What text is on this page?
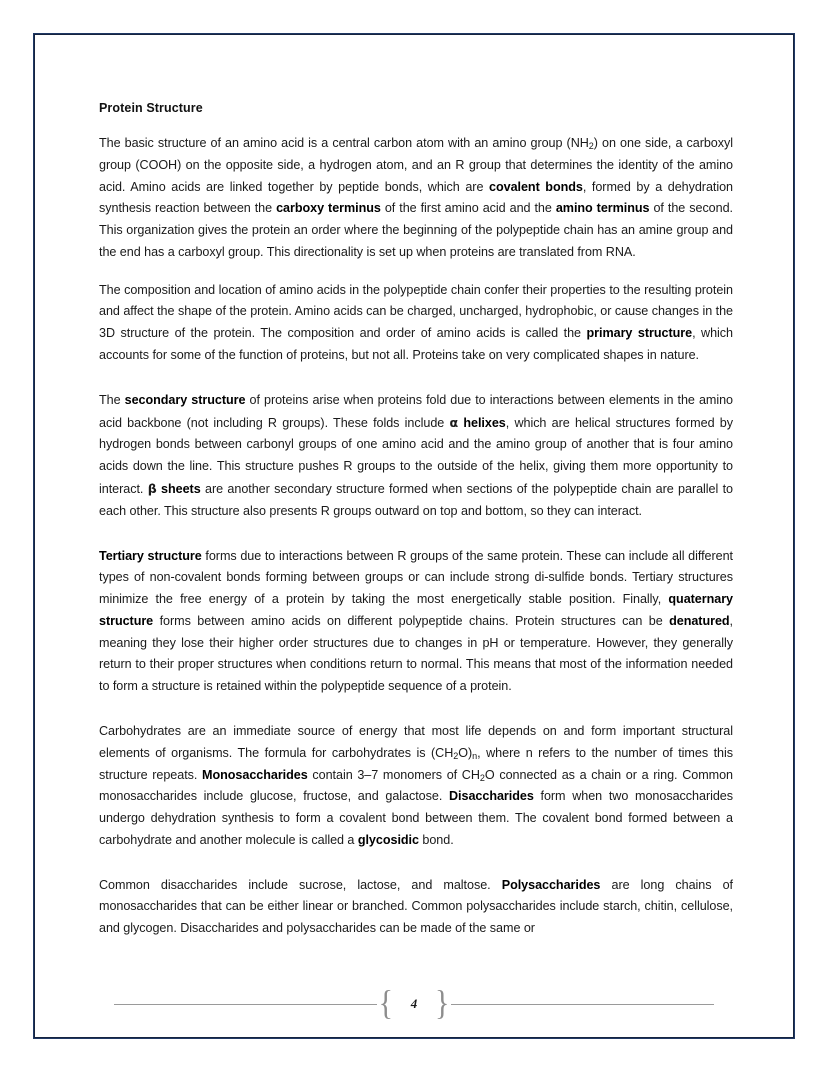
Protein Structure

The basic structure of an amino acid is a central carbon atom with an amino group $(NH_2)$ on one side, a carboxyl group (COOH) on the opposite side, a hydrogen atom, and an R group that determines the identity of the amino acid. Amino acids are linked together by peptide bonds, which are covalent bonds, formed by a dehydration synthesis reaction between the carboxy terminus of the first amino acid and the amino terminus of the second. This organization gives the protein an order where the beginning of the polypeptide chain has an amine group and the end has a carboxyl group. This directionality is set up when proteins are translated from RNA.

The composition and location of amino acids in the polypeptide chain confer their properties to the resulting protein and affect the shape of the protein. Amino acids can be charged, uncharged, hydrophobic, or cause changes in the 3D structure of the protein. The composition and order of amino acids is called the primary structure, which accounts for some of the function of proteins, but not all. Proteins take on very complicated shapes in nature.

The secondary structure of proteins arise when proteins fold due to interactions between elements in the amino acid backbone (not including R groups). These folds include α helixes, which are helical structures formed by hydrogen bonds between carbonyl groups of one amino acid and the amino group of another that is four amino acids down the line. This structure pushes R groups to the outside of the helix, giving them more opportunity to interact. β sheets are another secondary structure formed when sections of the polypeptide chain are parallel to each other. This structure also presents R groups outward on top and bottom, so they can interact.

Tertiary structure forms due to interactions between R groups of the same protein. These can include all different types of non-covalent bonds forming between groups or can include strong di-sulfide bonds. Tertiary structures minimize the free energy of a protein by taking the most energetically stable position. Finally, quaternary structure forms between amino acids on different polypeptide chains. Protein structures can be denatured, meaning they lose their higher order structures due to changes in pH or temperature. However, they generally return to their proper structures when conditions return to normal. This means that most of the information needed to form a structure is retained within the polypeptide sequence of a protein.

Carbohydrates are an immediate source of energy that most life depends on and form important structural elements of organisms. The formula for carbohydrates is $(CH_2O)_n$, where n refers to the number of times this structure repeats. Monosaccharides contain 3–7 monomers of $CH_2O$ connected as a chain or a ring. Common monosaccharides include glucose, fructose, and galactose. Disaccharides form when two monosaccharides undergo dehydration synthesis to form a covalent bond between them. The covalent bond formed between a carbohydrate and another molecule is called a glycosidic bond.

Common disaccharides include sucrose, lactose, and maltose. Polysaccharides are long chains of monosaccharides that can be either linear or branched. Common polysaccharides include starch, chitin, cellulose, and glycogen. Disaccharides and polysaccharides can be made of the same or

{	4 }
